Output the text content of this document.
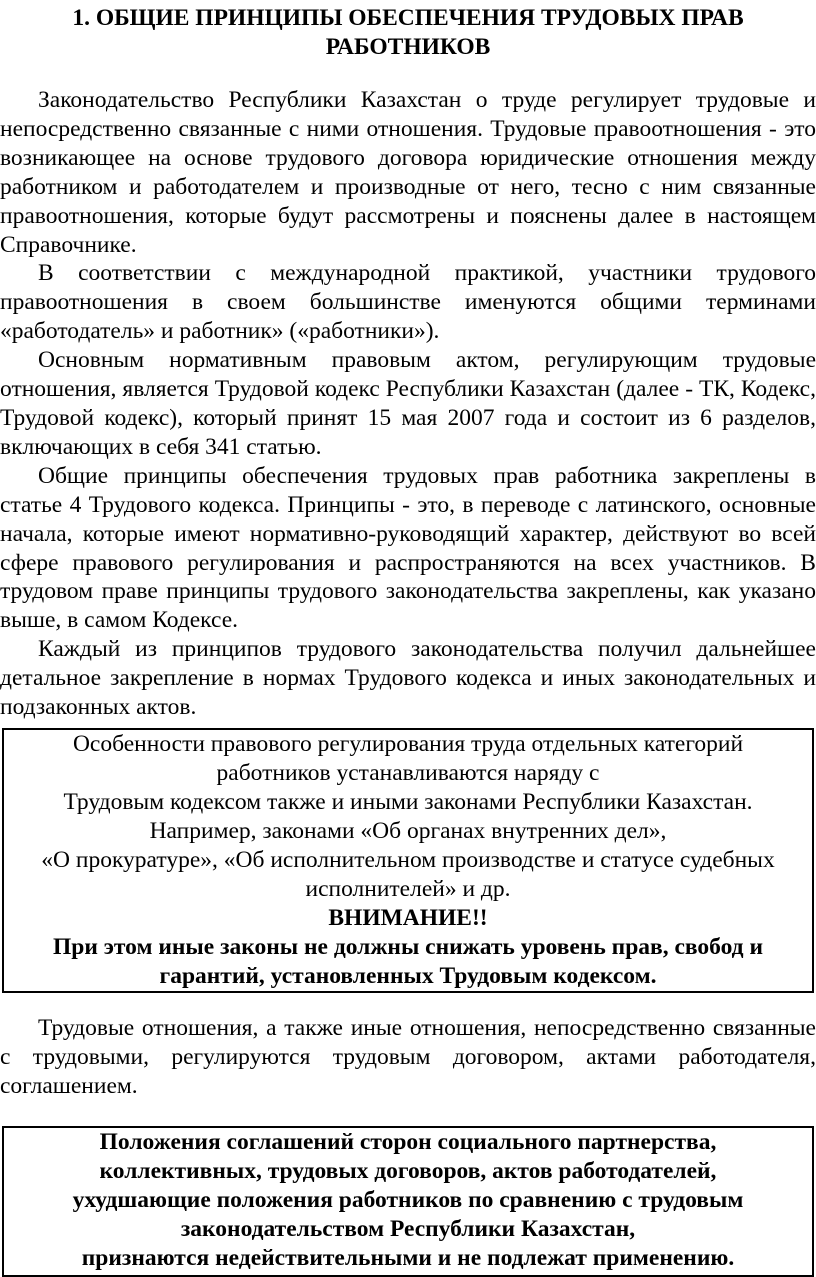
1. ОБЩИЕ ПРИНЦИПЫ ОБЕСПЕЧЕНИЯ ТРУДОВЫХ ПРАВ РАБОТНИКОВ

Законодательство Республики Казахстан о труде регулирует трудовые и непосредственно связанные с ними отношения. Трудовые правоотношения - это возникающее на основе трудового договора юридические отношения между работником и работодателем и производные от него, тесно с ним связанные правоотношения, которые будут рассмотрены и пояснены далее в настоящем Справочнике.

В соответствии с международной практикой, участники трудового правоотношения в своем большинстве именуются общими терминами «работодатель» и работник» («работники»).

Основным нормативным правовым актом, регулирующим трудовые отношения, является Трудовой кодекс Республики Казахстан (далее - ТК, Кодекс, Трудовой кодекс), который принят 15 мая 2007 года и состоит из 6 разделов, включающих в себя 341 статью.

Общие принципы обеспечения трудовых прав работника закреплены в статье 4 Трудового кодекса. Принципы - это, в переводе с латинского, основные начала, которые имеют нормативно-руководящий характер, действуют во всей сфере правового регулирования и распространяются на всех участников. В трудовом праве принципы трудового законодательства закреплены, как указано выше, в самом Кодексе.

Каждый из принципов трудового законодательства получил дальнейшее детальное закрепление в нормах Трудового кодекса и иных законодательных и подзаконных актов.

Особенности правового регулирования труда отдельных категорий

работников устанавливаются наряду с

Трудовым кодексом также и иными законами Республики Казахстан.

Например, законами «Об органах внутренних дел»,

«О прокуратуре», «Об исполнительном производстве и статусе судебных

исполнителей» и др.

ВНИМАНИЕ!!

При этом иные законы не должны снижать уровень прав, свобод и

гарантий, установленных Трудовым кодексом.

Трудовые отношения, а также иные отношения, непосредственно связанные с трудовыми, регулируются трудовым договором, актами работодателя, соглашением.

Положения соглашений сторон социального партнерства,

коллективных, трудовых договоров, актов работодателей,

ухудшающие положения работников по сравнению с трудовым

законодательством Республики Казахстан,

признаются недействительными и не подлежат применению.
